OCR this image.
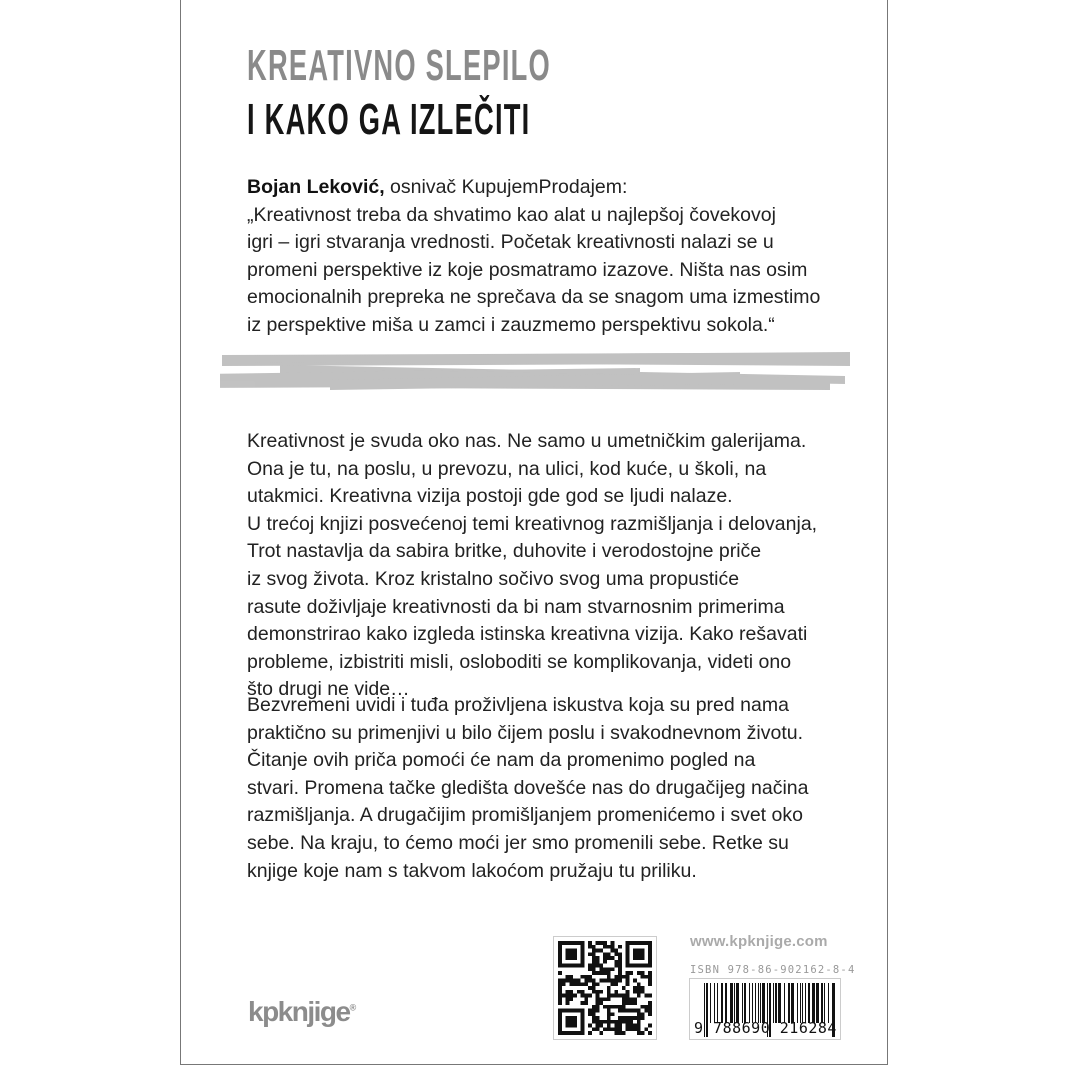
KREATIVNO SLEPILO
I KAKO GA IZLEČITI
Bojan Leković, osnivač KupujemProdajem:
„Kreativnost treba da shvatimo kao alat u najlepšoj čovekovoj
igri – igri stvaranja vrednosti. Početak kreativnosti nalazi se u
promeni perspektive iz koje posmatramo izazove. Ništa nas osim
emocionalnih prepreka ne sprečava da se snagom uma izmestimo
iz perspektive miša u zamci i zauzmemo perspektivu sokola.“
Kreativnost je svuda oko nas. Ne samo u umetničkim galerijama.
Ona je tu, na poslu, u prevozu, na ulici, kod kuće, u školi, na
utakmici. Kreativna vizija postoji gde god se ljudi nalaze.
U trećoj knjizi posvećenoj temi kreativnog razmišljanja i delovanja,
Trot nastavlja da sabira britke, duhovite i verodostojne priče
iz svog života. Kroz kristalno sočivo svog uma propustiće
rasute doživljaje kreativnosti da bi nam stvarnosnim primerima
demonstrirao kako izgleda istinska kreativna vizija. Kako rešavati
probleme, izbistriti misli, osloboditi se komplikovanja, videti ono
što drugi ne vide…
Bezvremeni uvidi i tuđa proživljena iskustva koja su pred nama
praktično su primenjivi u bilo čijem poslu i svakodnevnom životu.
Čitanje ovih priča pomoći će nam da promenimo pogled na
stvari. Promena tačke gledišta dovešće nas do drugačijeg načina
razmišljanja. A drugačijim promišljanjem promenićemo i svet oko
sebe. Na kraju, to ćemo moći jer smo promenili sebe. Retke su
knjige koje nam s takvom lakoćom pružaju tu priliku.
kpknjige®
www.kpknjige.com
ISBN 978-86-902162-8-4
9 788690 216284
